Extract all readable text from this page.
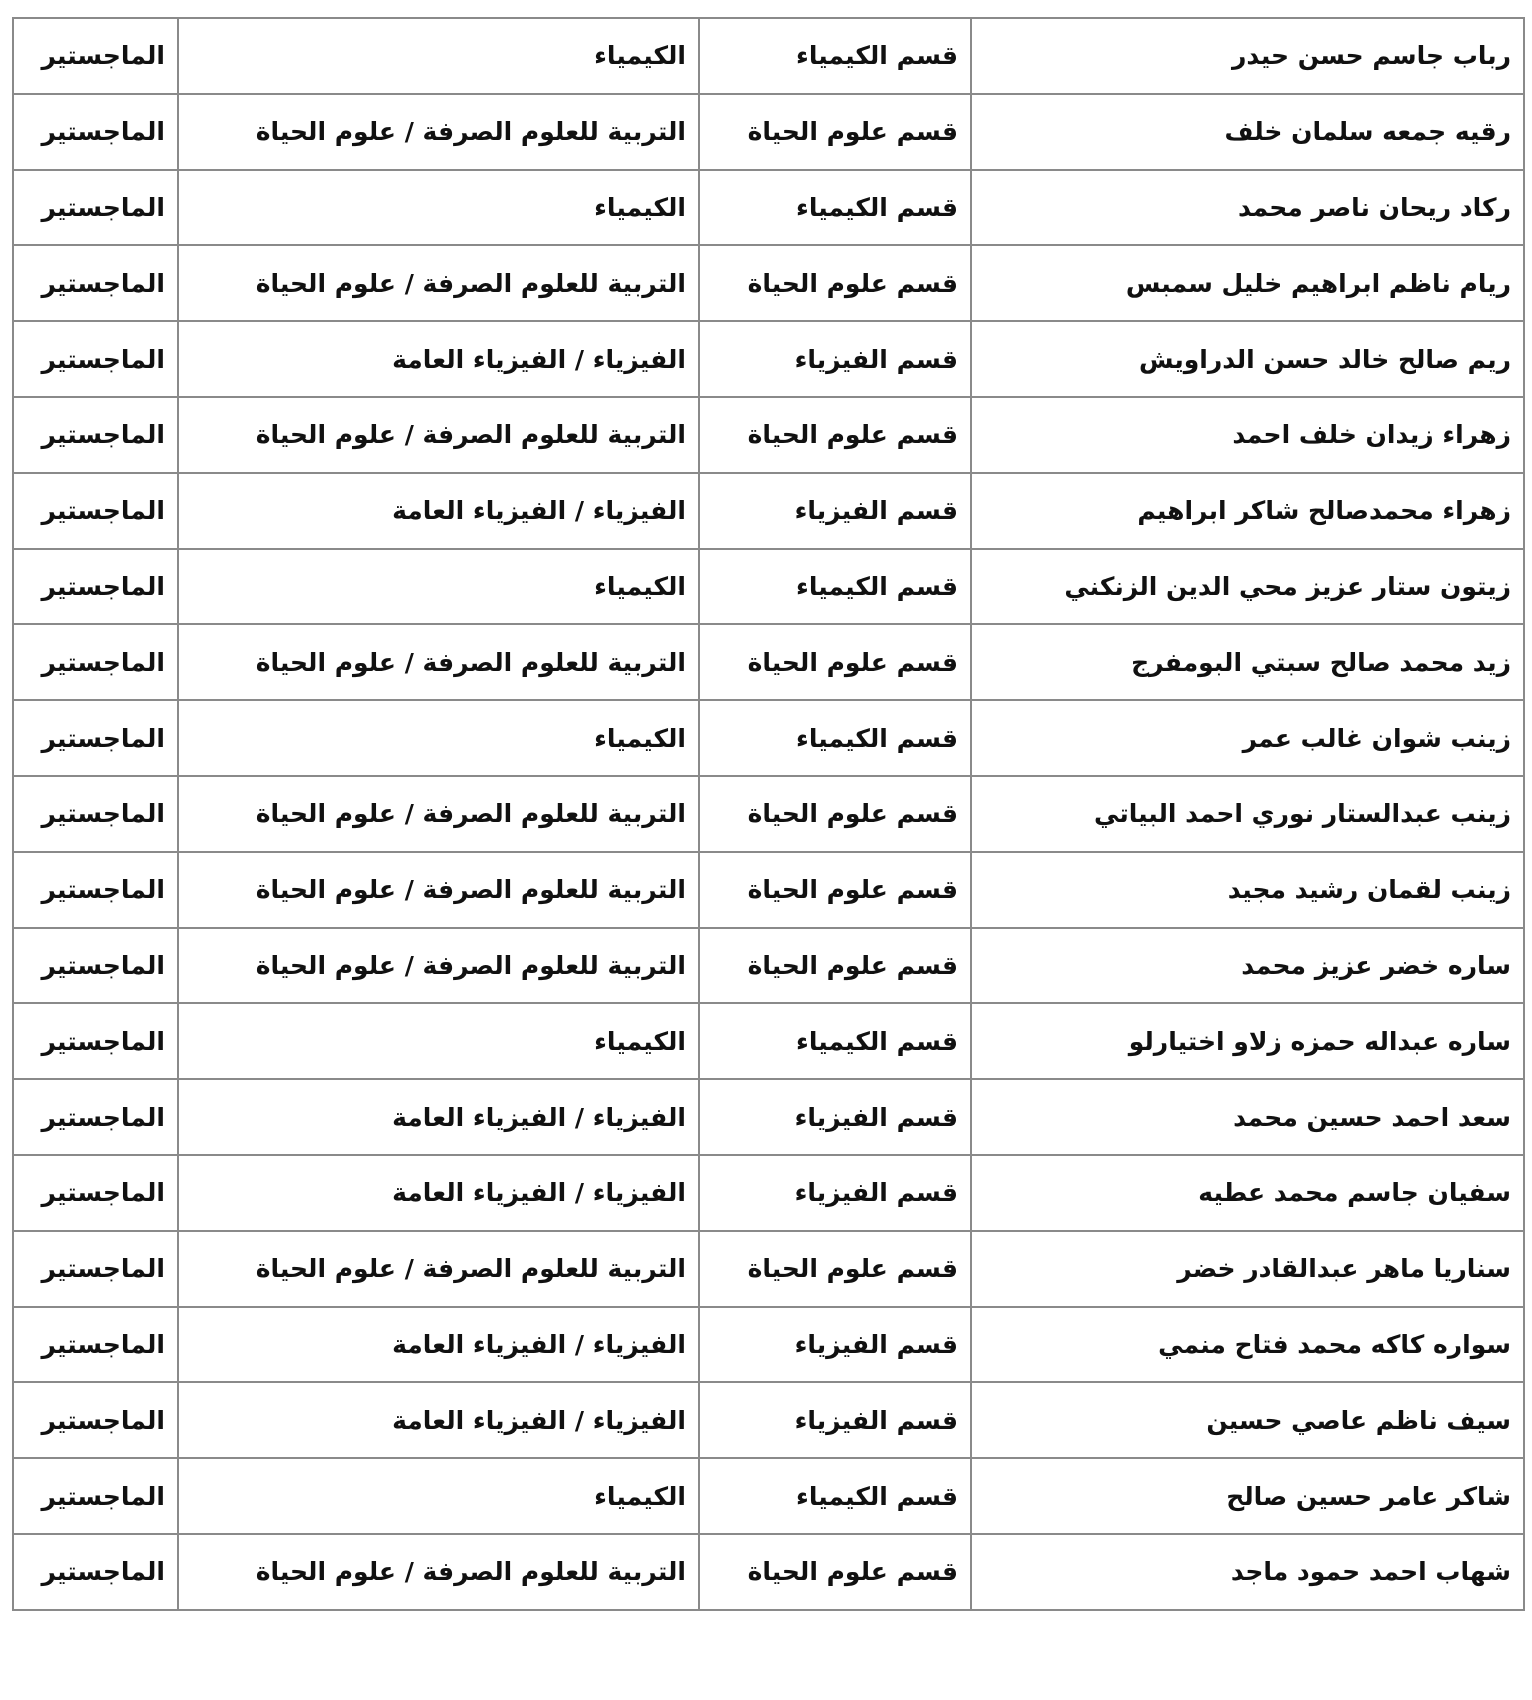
رباب جاسم حسن حيدر	قسم الكيمياء	الكيمياء	الماجستير
رقيه جمعه سلمان خلف	قسم علوم الحياة	التربية للعلوم الصرفة / علوم الحياة	الماجستير
ركاد ريحان ناصر محمد	قسم الكيمياء	الكيمياء	الماجستير
ريام ناظم ابراهيم خليل سمبس	قسم علوم الحياة	التربية للعلوم الصرفة / علوم الحياة	الماجستير
ريم صالح خالد حسن الدراويش	قسم الفيزياء	الفيزياء / الفيزياء العامة	الماجستير
زهراء زيدان خلف احمد	قسم علوم الحياة	التربية للعلوم الصرفة / علوم الحياة	الماجستير
زهراء محمدصالح شاكر ابراهيم	قسم الفيزياء	الفيزياء / الفيزياء العامة	الماجستير
زيتون ستار عزيز محي الدين الزنكني	قسم الكيمياء	الكيمياء	الماجستير
زيد محمد صالح سبتي البومفرج	قسم علوم الحياة	التربية للعلوم الصرفة / علوم الحياة	الماجستير
زينب شوان غالب عمر	قسم الكيمياء	الكيمياء	الماجستير
زينب عبدالستار نوري احمد البياتي	قسم علوم الحياة	التربية للعلوم الصرفة / علوم الحياة	الماجستير
زينب لقمان رشيد مجيد	قسم علوم الحياة	التربية للعلوم الصرفة / علوم الحياة	الماجستير
ساره خضر عزيز محمد	قسم علوم الحياة	التربية للعلوم الصرفة / علوم الحياة	الماجستير
ساره عبداله حمزه زلاو اختيارلو	قسم الكيمياء	الكيمياء	الماجستير
سعد احمد حسين محمد	قسم الفيزياء	الفيزياء / الفيزياء العامة	الماجستير
سفيان جاسم محمد عطيه	قسم الفيزياء	الفيزياء / الفيزياء العامة	الماجستير
سناريا ماهر عبدالقادر خضر	قسم علوم الحياة	التربية للعلوم الصرفة / علوم الحياة	الماجستير
سواره كاكه محمد فتاح منمي	قسم الفيزياء	الفيزياء / الفيزياء العامة	الماجستير
سيف ناظم عاصي حسين	قسم الفيزياء	الفيزياء / الفيزياء العامة	الماجستير
شاكر عامر حسين صالح	قسم الكيمياء	الكيمياء	الماجستير
شهاب احمد حمود ماجد	قسم علوم الحياة	التربية للعلوم الصرفة / علوم الحياة	الماجستير
